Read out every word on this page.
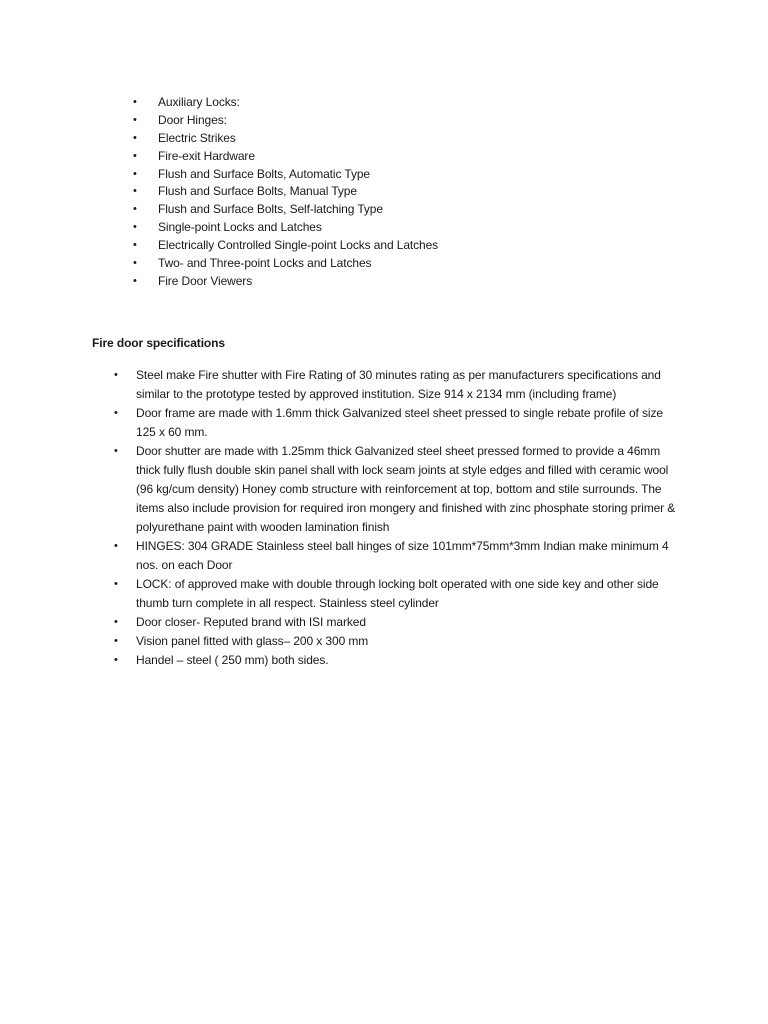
• Auxiliary Locks:
• Door Hinges:
• Electric Strikes
• Fire-exit Hardware
• Flush and Surface Bolts, Automatic Type
• Flush and Surface Bolts, Manual Type
• Flush and Surface Bolts, Self-latching Type
• Single-point Locks and Latches
• Electrically Controlled Single-point Locks and Latches
• Two- and Three-point Locks and Latches
• Fire Door Viewers
Fire door specifications
• Steel make Fire shutter with Fire Rating of 30 minutes rating as per manufacturers specifications and similar to the prototype tested by approved institution. Size 914 x 2134 mm (including frame)
• Door frame are made with 1.6mm thick Galvanized steel sheet pressed to single rebate profile of size 125 x 60 mm.
• Door shutter are made with 1.25mm thick Galvanized steel sheet pressed formed to provide a 46mm thick fully flush double skin panel shall with lock seam joints at style edges and filled with ceramic wool (96 kg/cum density) Honey comb structure with reinforcement at top, bottom and stile surrounds. The items also include provision for required iron mongery and finished with zinc phosphate storing primer & polyurethane paint with wooden lamination finish
• HINGES: 304 GRADE Stainless steel ball hinges of size 101mm*75mm*3mm Indian make minimum 4 nos. on each Door
• LOCK: of approved make with double through locking bolt operated with one side key and other side thumb turn complete in all respect. Stainless steel cylinder
• Door closer- Reputed brand with ISI marked
• Vision panel fitted with glass– 200 x 300 mm
• Handel – steel ( 250 mm) both sides.
